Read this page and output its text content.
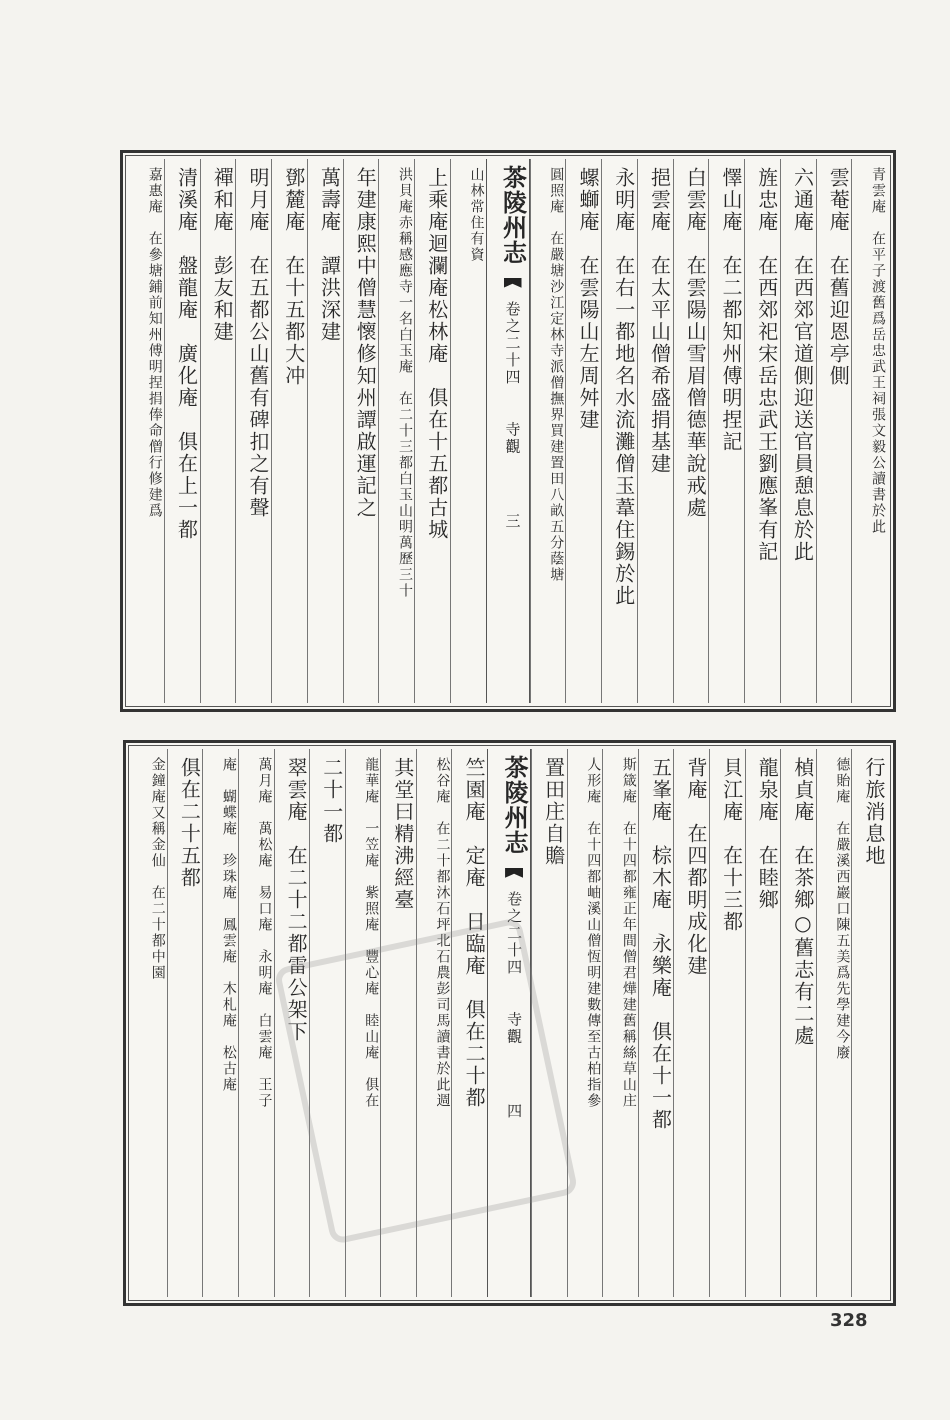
青雲庵　在平子渡舊爲岳忠武王祠張文毅公讀書於此
雲菴庵　在舊迎恩亭側
六通庵　在西郊官道側迎送官員憩息於此
旌忠庵　在西郊祀宋岳忠武王劉應峯有記
懌山庵　在二都知州傅明捏記
白雲庵　在雲陽山雪眉僧德華說戒處
挹雲庵　在太平山僧希盛捐基建
永明庵　在右一都地名水流灘僧玉葦住錫於此
螺螄庵　在雲陽山左周舛建
圓照庵　在嚴塘沙江定林寺派僧撫界買建置田八畝五分蔭塘
茶陵州志  卷之二十四  寺觀  三
山林常住有資
上乘庵迴瀾庵松林庵　俱在十五都古城
洪貝庵赤稱感應寺一名白玉庵　在二十三都白玉山明萬歷三十
年建康熙中僧慧懷修知州譚啟運記之
萬壽庵　譚洪深建
鄧麓庵　在十五都大冲
明月庵　在五都公山舊有碑扣之有聲
禪和庵　彭友和建
清溪庵　盤龍庵　廣化庵　俱在上一都
嘉惠庵　在參塘鋪前知州傅明捏捐俸命僧行修建爲
行旅消息地
德貽庵　在嚴溪西巖口陳五美爲先學建今廢
楨貞庵　在茶鄉○舊志有二處
龍泉庵　在睦鄉
貝江庵　在十三都
背庵　在四都明成化建
五峯庵　棕木庵　永樂庵　俱在十一都
斯箴庵　在十四都雍正年間僧君燁建舊稱絲草山庄
人形庵　在十四都岫溪山僧恆明建數傳至古柏指參
置田庄自贍
茶陵州志  卷之二十四  寺觀  四
竺園庵　定庵　日臨庵　俱在二十都
松谷庵　在二十都沐石坪北石農彭司馬讀書於此週
其堂曰精沸經臺
龍華庵　一笠庵　紫照庵　豐心庵　睦山庵　俱在
二十一都
翠雲庵　在二十二都雷公架下
萬月庵　萬松庵　易口庵　永明庵　白雲庵　王子
庵　蝴蝶庵　珍珠庵　鳳雲庵　木札庵　松古庵
俱在二十五都
金鐘庵又稱金仙　在二十都中園
328
